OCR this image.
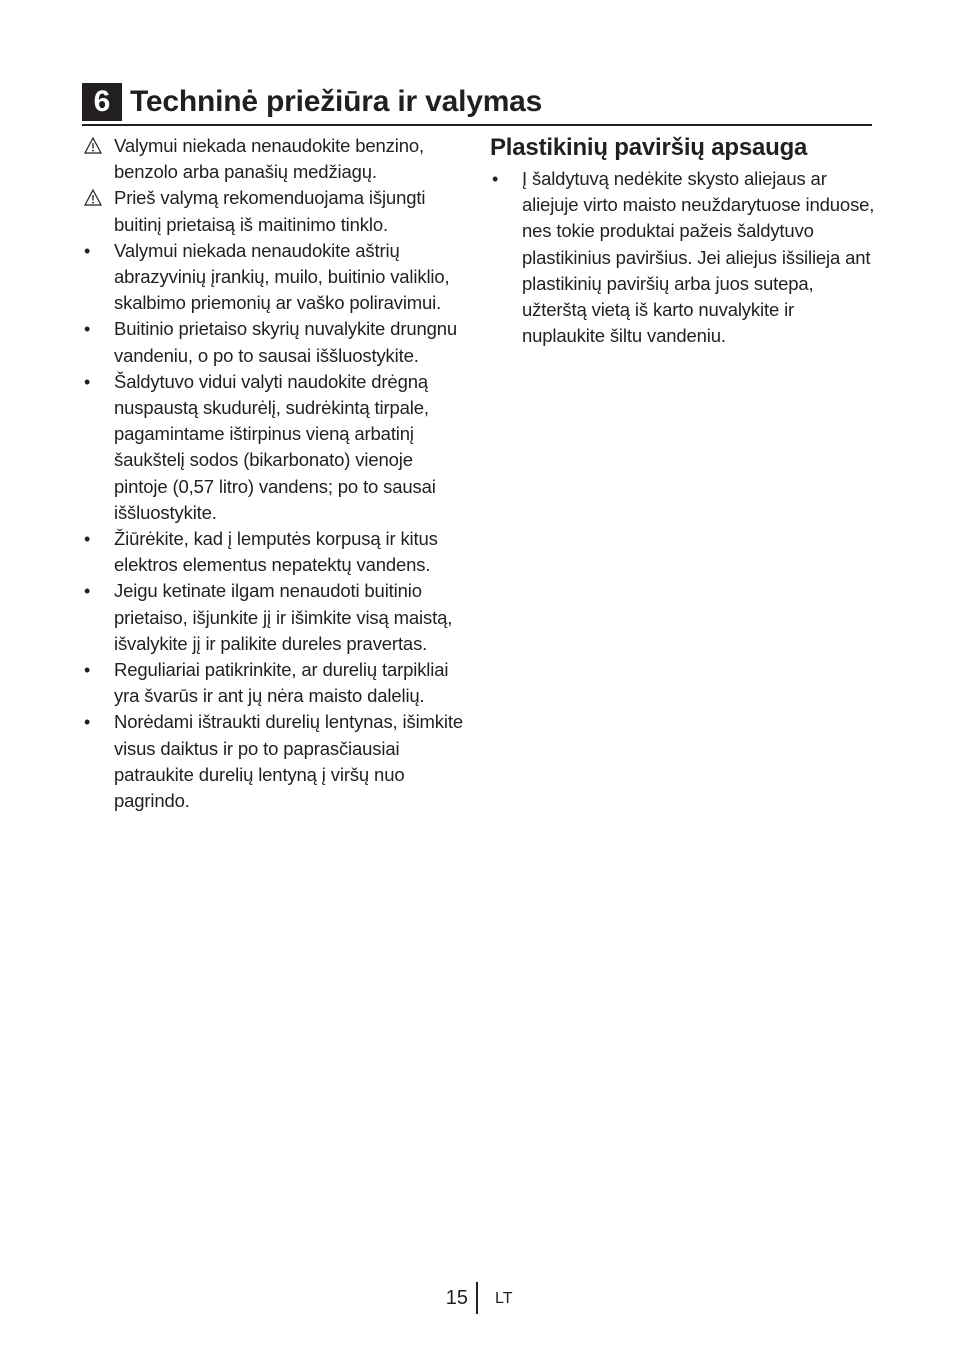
6 Techninė priežiūra ir valymas
Valymui niekada nenaudokite benzino, benzolo arba panašių medžiagų.
Prieš valymą rekomenduojama išjungti buitinį prietaisą iš maitinimo tinklo.
•	Valymui niekada nenaudokite aštrių abrazyvinių įrankių, muilo, buitinio valiklio, skalbimo priemonių ar vaško poliravimui.
•	Buitinio prietaiso skyrių nuvalykite drungnu vandeniu, o po to sausai iššluostykite.
•	Šaldytuvo vidui valyti naudokite drėgną nuspaustą skudurėlį, sudrėkintą tirpale, pagamintame ištirpinus vieną arbatinį šaukštelį sodos (bikarbonato) vienoje pintoje (0,57 litro) vandens; po to sausai iššluostykite.
•	Žiūrėkite, kad į lemputės korpusą ir kitus elektros elementus nepatektų vandens.
•	Jeigu ketinate ilgam nenaudoti buitinio prietaiso, išjunkite jį ir išimkite visą maistą, išvalykite jį ir palikite dureles pravertas.
•	Reguliariai patikrinkite, ar durelių tarpikliai yra švarūs ir ant jų nėra maisto dalelių.
•	Norėdami ištraukti durelių lentynas, išimkite visus daiktus ir po to paprasčiausiai patraukite durelių lentyną į viršų nuo pagrindo.
Plastikinių paviršių apsauga
•	Į šaldytuvą nedėkite skysto aliejaus ar aliejuje virto maisto neuždarytuose induose, nes tokie produktai pažeis šaldytuvo plastikinius paviršius. Jei aliejus išsilieja ant plastikinių paviršių arba juos sutepa, užterštą vietą iš karto nuvalykite ir nuplaukite šiltu vandeniu.
15 LT
